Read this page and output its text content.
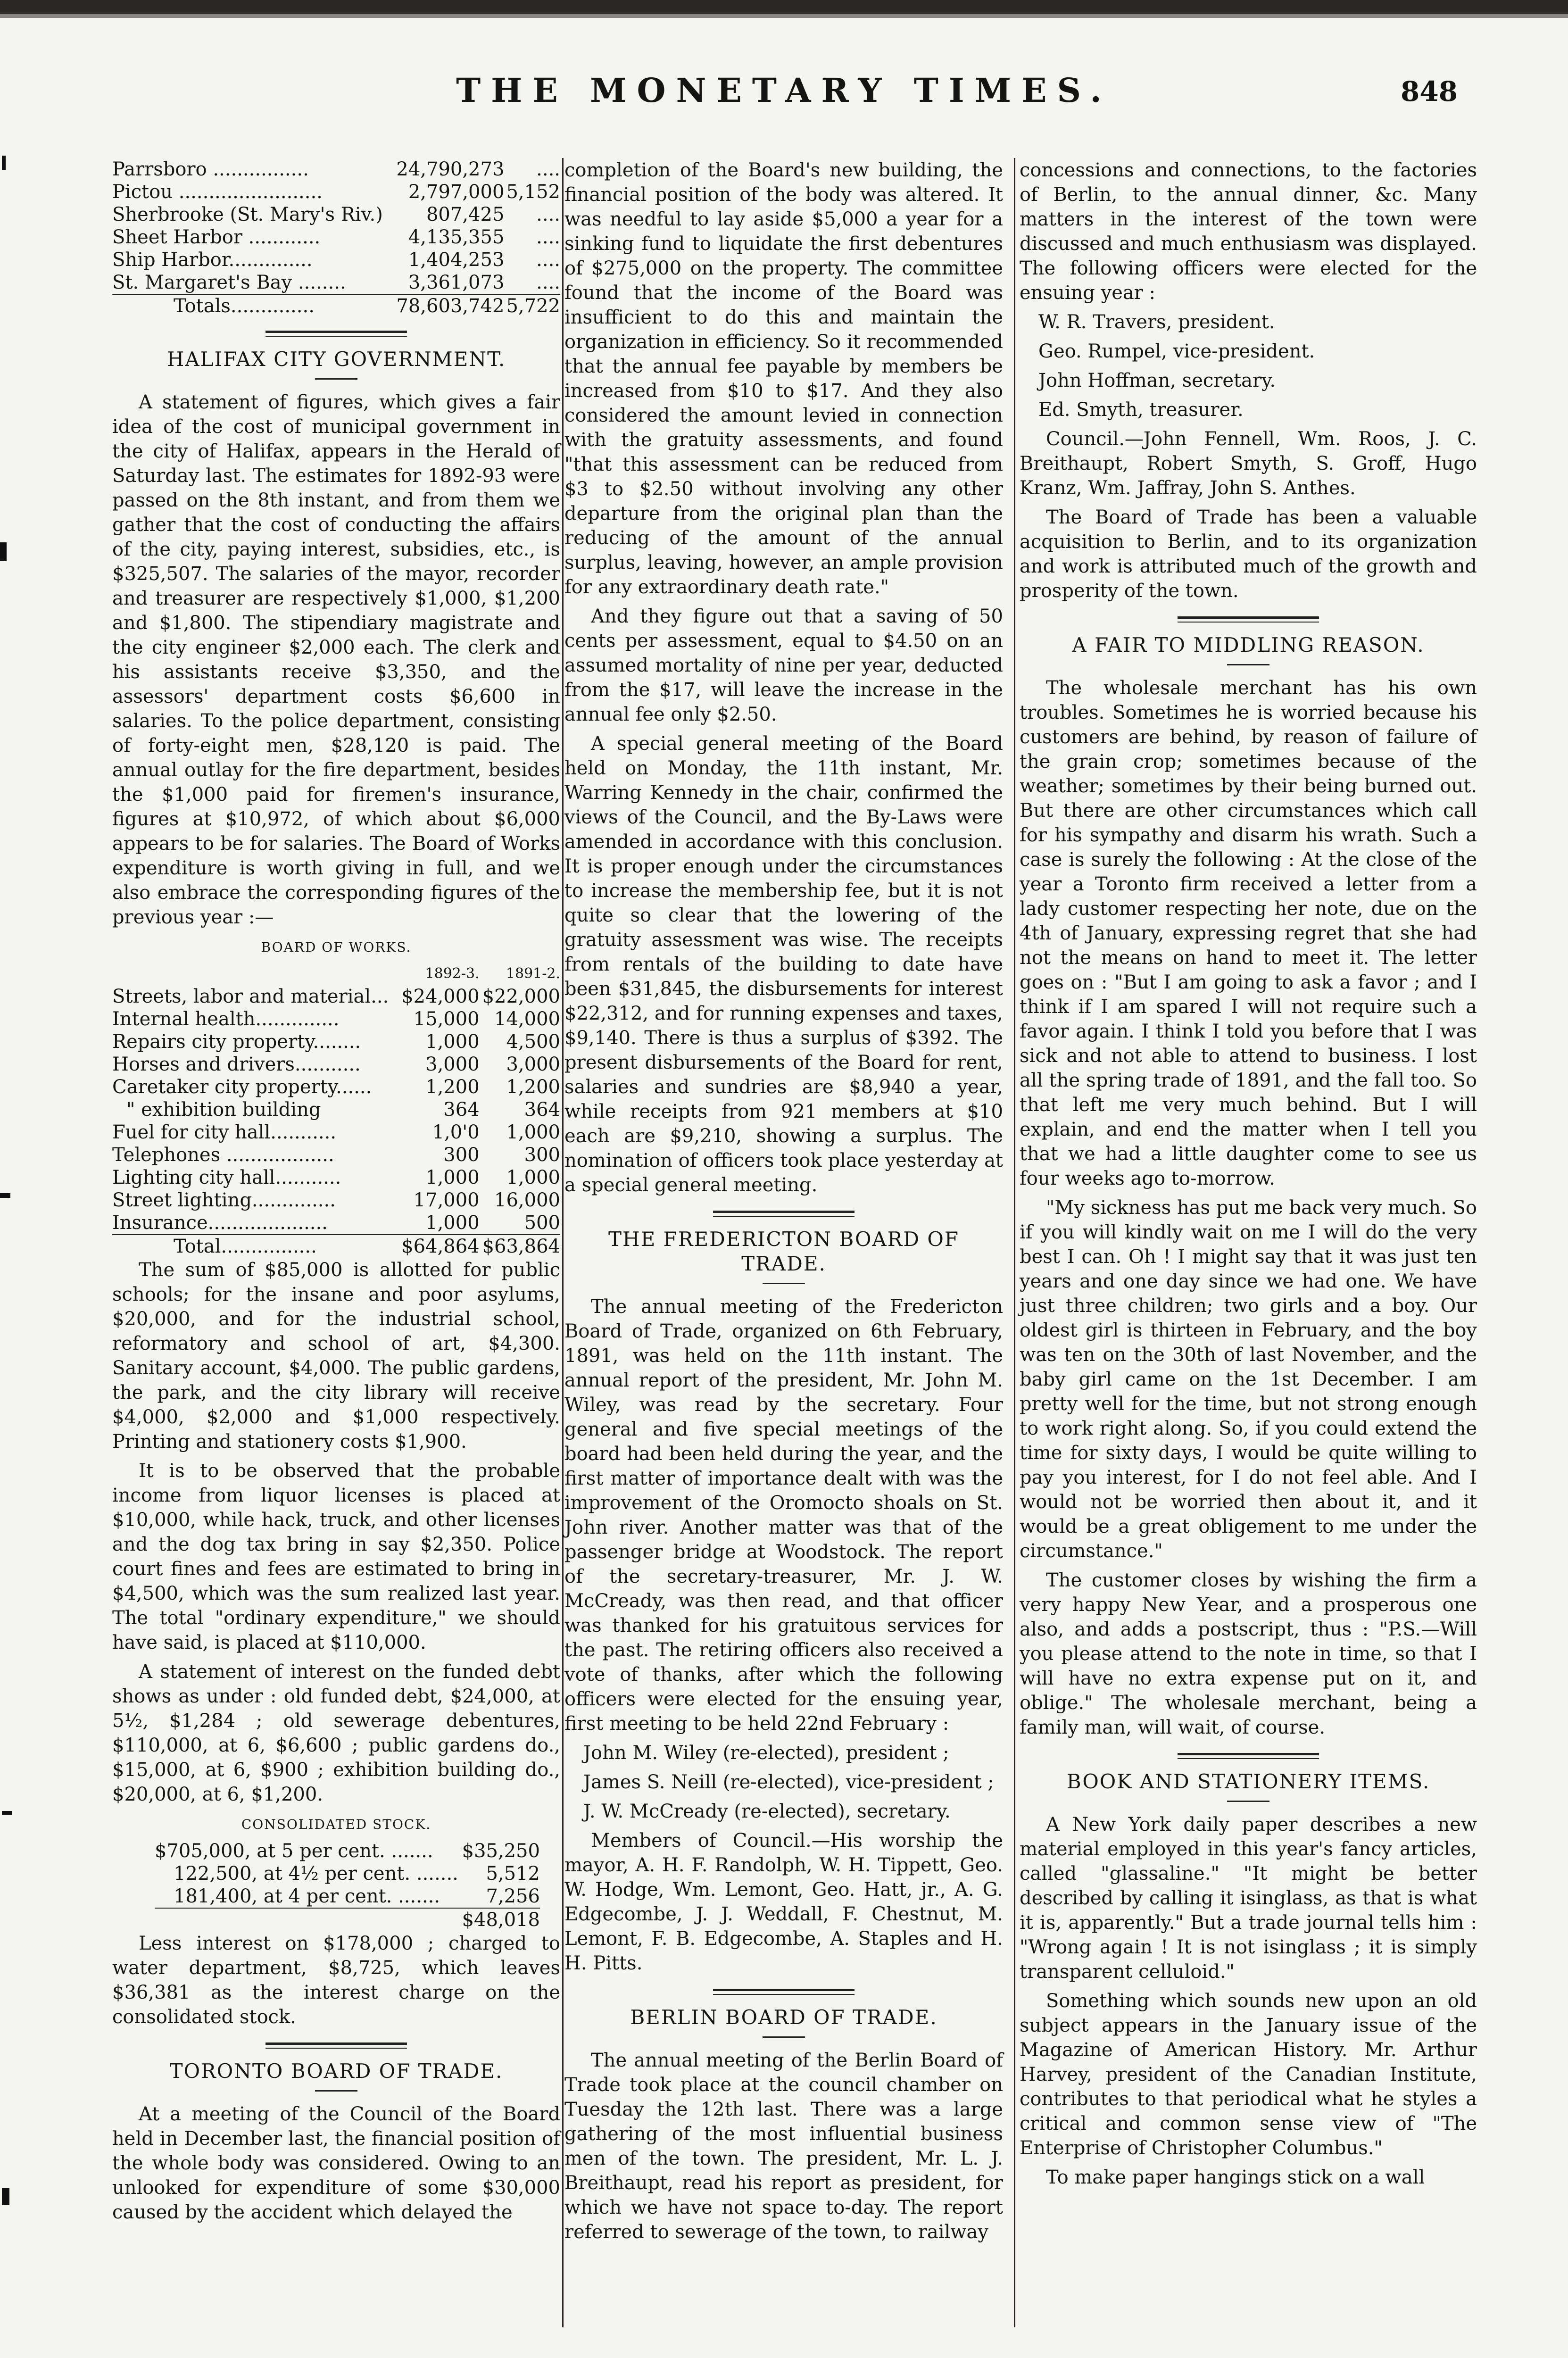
THE MONETARY TIMES.	848
Parrsboro ................	24,790,273	....
Pictou ........................	2,797,000	5,152
Sherbrooke (St. Mary's Riv.)	807,425	....
Sheet Harbor ............	4,135,355	....
Ship Harbor..............	1,404,253	....
St. Margaret's Bay ........	3,361,073	....
Totals..............	78,603,742	5,722
HALIFAX CITY GOVERNMENT.

A statement of figures, which gives a fair idea of the cost of municipal government in the city of Halifax, appears in the Herald of Saturday last. The estimates for 1892-93 were passed on the 8th instant, and from them we gather that the cost of conducting the affairs of the city, paying interest, subsidies, etc., is $325,507. The salaries of the mayor, recorder and treasurer are respectively $1,000, $1,200 and $1,800. The stipendiary magistrate and the city engineer $2,000 each. The clerk and his assistants receive $3,350, and the assessors' department costs $6,600 in salaries. To the police department, consisting of forty-eight men, $28,120 is paid. The annual outlay for the fire department, besides the $1,000 paid for firemen's insurance, figures at $10,972, of which about $6,000 appears to be for salaries. The Board of Works expenditure is worth giving in full, and we also embrace the corresponding figures of the previous year :—

BOARD OF WORKS.
	1892-3.	1891-2.
Streets, labor and material...	$24,000	$22,000
Internal health..............	15,000	14,000
Repairs city property........	1,000	4,500
Horses and drivers...........	3,000	3,000
Caretaker city property......	1,200	1,200
" exhibition building	364	364
Fuel for city hall...........	1,0'0	1,000
Telephones ..................	300	300
Lighting city hall...........	1,000	1,000
Street lighting..............	17,000	16,000
Insurance....................	1,000	500
Total................	$64,864	$63,864

The sum of $85,000 is allotted for public schools; for the insane and poor asylums, $20,000, and for the industrial school, reformatory and school of art, $4,300. Sanitary account, $4,000. The public gardens, the park, and the city library will receive $4,000, $2,000 and $1,000 respectively. Printing and stationery costs $1,900.

It is to be observed that the probable income from liquor licenses is placed at $10,000, while hack, truck, and other licenses and the dog tax bring in say $2,350. Police court fines and fees are estimated to bring in $4,500, which was the sum realized last year. The total "ordinary expenditure," we should have said, is placed at $110,000.

A statement of interest on the funded debt shows as under : old funded debt, $24,000, at 5½, $1,284 ; old sewerage debentures, $110,000, at 6, $6,600 ; public gardens do., $15,000, at 6, $900 ; exhibition building do., $20,000, at 6, $1,200.

CONSOLIDATED STOCK.
$705,000, at 5 per cent. .......	$35,250
122,500, at 4½ per cent. .......	5,512
181,400, at 4 per cent. .......	7,256
	$48,018

Less interest on $178,000 ; charged to water department, $8,725, which leaves $36,381 as the interest charge on the consolidated stock.

TORONTO BOARD OF TRADE.

At a meeting of the Council of the Board held in December last, the financial position of the whole body was considered. Owing to an unlooked for expenditure of some $30,000 caused by the accident which delayed the

completion of the Board's new building, the financial position of the body was altered. It was needful to lay aside $5,000 a year for a sinking fund to liquidate the first debentures of $275,000 on the property. The committee found that the income of the Board was insufficient to do this and maintain the organization in efficiency. So it recommended that the annual fee payable by members be increased from $10 to $17. And they also considered the amount levied in connection with the gratuity assessments, and found "that this assessment can be reduced from $3 to $2.50 without involving any other departure from the original plan than the reducing of the amount of the annual surplus, leaving, however, an ample provision for any extraordinary death rate."

And they figure out that a saving of 50 cents per assessment, equal to $4.50 on an assumed mortality of nine per year, deducted from the $17, will leave the increase in the annual fee only $2.50.

A special general meeting of the Board held on Monday, the 11th instant, Mr. Warring Kennedy in the chair, confirmed the views of the Council, and the By-Laws were amended in accordance with this conclusion. It is proper enough under the circumstances to increase the membership fee, but it is not quite so clear that the lowering of the gratuity assessment was wise. The receipts from rentals of the building to date have been $31,845, the disbursements for interest $22,312, and for running expenses and taxes, $9,140. There is thus a surplus of $392. The present disbursements of the Board for rent, salaries and sundries are $8,940 a year, while receipts from 921 members at $10 each are $9,210, showing a surplus. The nomination of officers took place yesterday at a special general meeting.

THE FREDERICTON BOARD OF TRADE.

The annual meeting of the Fredericton Board of Trade, organized on 6th February, 1891, was held on the 11th instant. The annual report of the president, Mr. John M. Wiley, was read by the secretary. Four general and five special meetings of the board had been held during the year, and the first matter of importance dealt with was the improvement of the Oromocto shoals on St. John river. Another matter was that of the passenger bridge at Woodstock. The report of the secretary-treasurer, Mr. J. W. McCready, was then read, and that officer was thanked for his gratuitous services for the past. The retiring officers also received a vote of thanks, after which the following officers were elected for the ensuing year, first meeting to be held 22nd February :

John M. Wiley (re-elected), president ;

James S. Neill (re-elected), vice-president ;

J. W. McCready (re-elected), secretary.

Members of Council.—His worship the mayor, A. H. F. Randolph, W. H. Tippett, Geo. W. Hodge, Wm. Lemont, Geo. Hatt, jr., A. G. Edgecombe, J. J. Weddall, F. Chestnut, M. Lemont, F. B. Edgecombe, A. Staples and H. H. Pitts.

BERLIN BOARD OF TRADE.

The annual meeting of the Berlin Board of Trade took place at the council chamber on Tuesday the 12th last. There was a large gathering of the most influential business men of the town. The president, Mr. L. J. Breithaupt, read his report as president, for which we have not space to-day. The report referred to sewerage of the town, to railway

concessions and connections, to the factories of Berlin, to the annual dinner, &c. Many matters in the interest of the town were discussed and much enthusiasm was displayed. The following officers were elected for the ensuing year :

W. R. Travers, president.

Geo. Rumpel, vice-president.

John Hoffman, secretary.

Ed. Smyth, treasurer.

Council.—John Fennell, Wm. Roos, J. C. Breithaupt, Robert Smyth, S. Groff, Hugo Kranz, Wm. Jaffray, John S. Anthes.

The Board of Trade has been a valuable acquisition to Berlin, and to its organization and work is attributed much of the growth and prosperity of the town.

A FAIR TO MIDDLING REASON.

The wholesale merchant has his own troubles. Sometimes he is worried because his customers are behind, by reason of failure of the grain crop; sometimes because of the weather; sometimes by their being burned out. But there are other circumstances which call for his sympathy and disarm his wrath. Such a case is surely the following : At the close of the year a Toronto firm received a letter from a lady customer respecting her note, due on the 4th of January, expressing regret that she had not the means on hand to meet it. The letter goes on : "But I am going to ask a favor ; and I think if I am spared I will not require such a favor again. I think I told you before that I was sick and not able to attend to business. I lost all the spring trade of 1891, and the fall too. So that left me very much behind. But I will explain, and end the matter when I tell you that we had a little daughter come to see us four weeks ago to-morrow.

"My sickness has put me back very much. So if you will kindly wait on me I will do the very best I can. Oh ! I might say that it was just ten years and one day since we had one. We have just three children; two girls and a boy. Our oldest girl is thirteen in February, and the boy was ten on the 30th of last November, and the baby girl came on the 1st December. I am pretty well for the time, but not strong enough to work right along. So, if you could extend the time for sixty days, I would be quite willing to pay you interest, for I do not feel able. And I would not be worried then about it, and it would be a great obligement to me under the circumstance."

The customer closes by wishing the firm a very happy New Year, and a prosperous one also, and adds a postscript, thus : "P.S.—Will you please attend to the note in time, so that I will have no extra expense put on it, and oblige." The wholesale merchant, being a family man, will wait, of course.

BOOK AND STATIONERY ITEMS.

A New York daily paper describes a new material employed in this year's fancy articles, called "glassaline." "It might be better described by calling it isinglass, as that is what it is, apparently." But a trade journal tells him : "Wrong again ! It is not isinglass ; it is simply transparent celluloid."

Something which sounds new upon an old subject appears in the January issue of the Magazine of American History. Mr. Arthur Harvey, president of the Canadian Institute, contributes to that periodical what he styles a critical and common sense view of "The Enterprise of Christopher Columbus."

To make paper hangings stick on a wall
